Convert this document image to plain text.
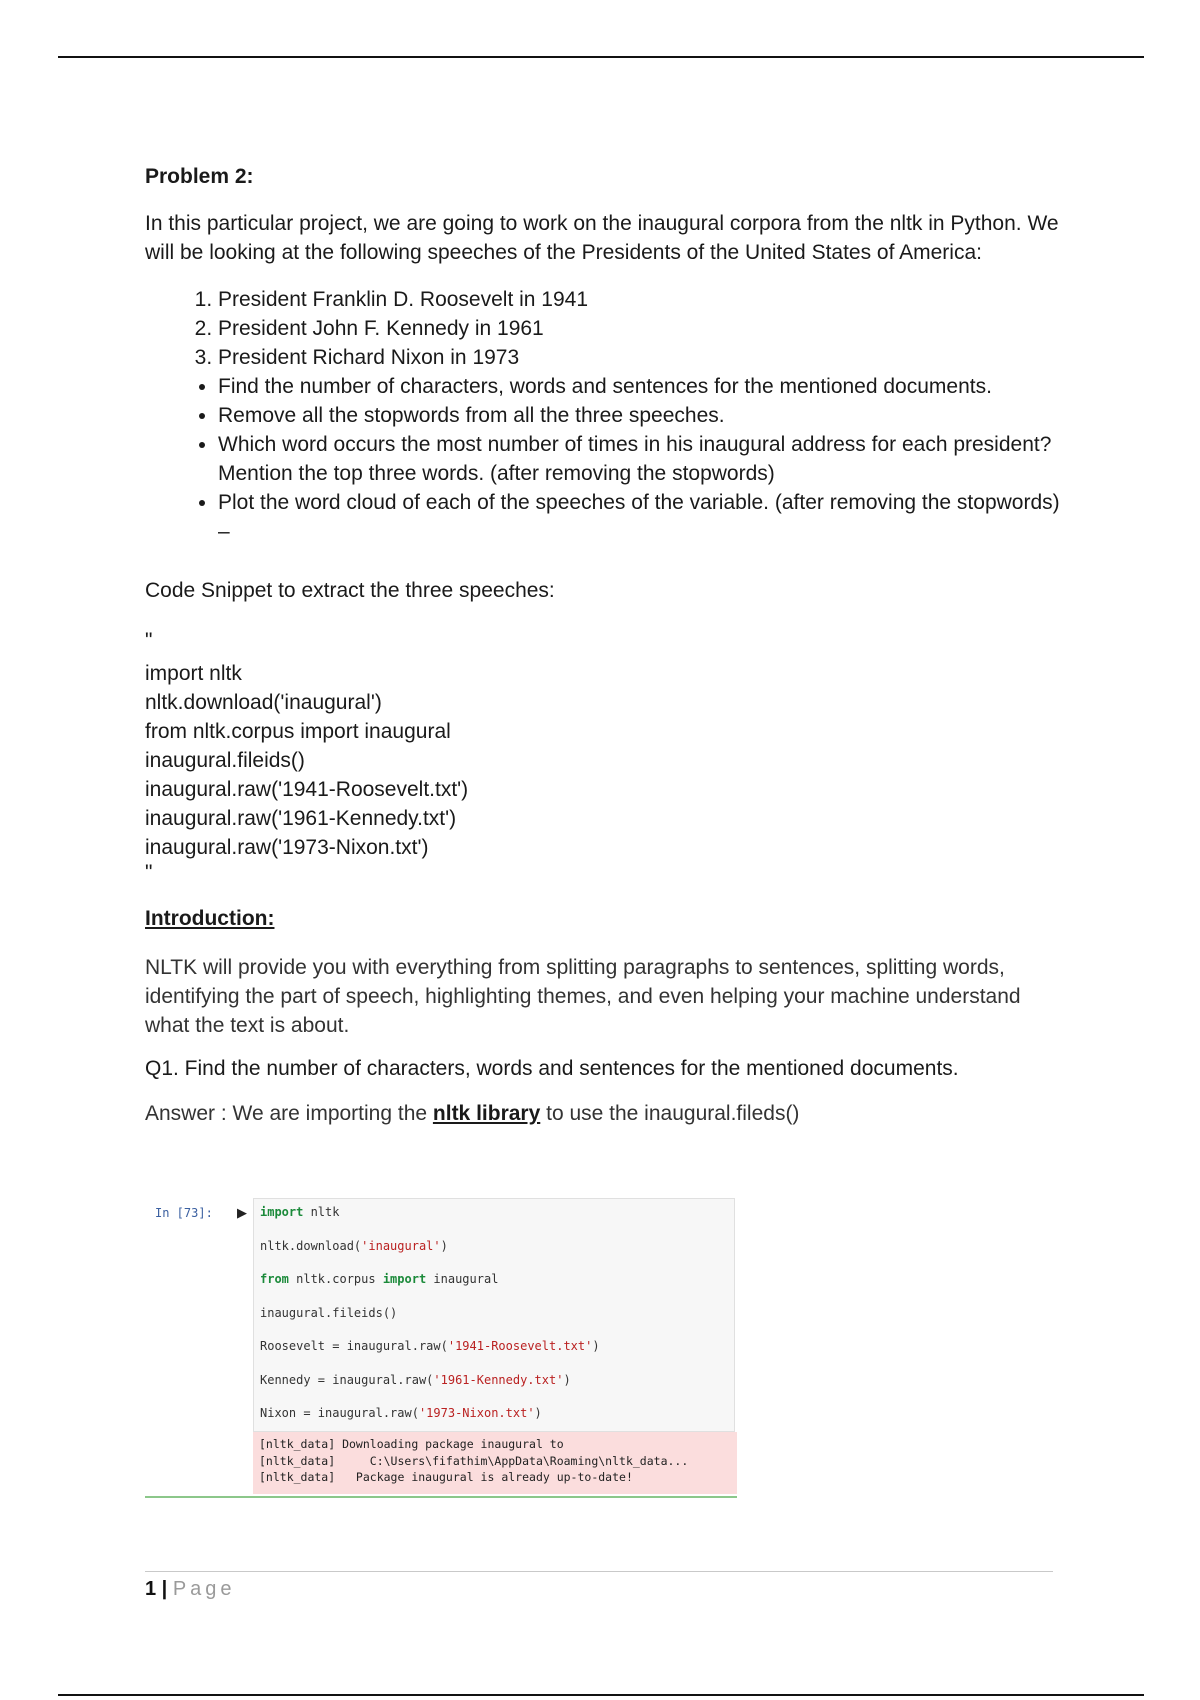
Problem 2:
In this particular project, we are going to work on the inaugural corpora from the nltk in Python. We will be looking at the following speeches of the Presidents of the United States of America:
1. President Franklin D. Roosevelt in 1941
2. President John F. Kennedy in 1961
3. President Richard Nixon in 1973
• Find the number of characters, words and sentences for the mentioned documents.
• Remove all the stopwords from all the three speeches.
• Which word occurs the most number of times in his inaugural address for each president? Mention the top three words. (after removing the stopwords)
• Plot the word cloud of each of the speeches of the variable. (after removing the stopwords) –
Code Snippet to extract the three speeches:
"
import nltk
nltk.download('inaugural')
from nltk.corpus import inaugural
inaugural.fileids()
inaugural.raw('1941-Roosevelt.txt')
inaugural.raw('1961-Kennedy.txt')
inaugural.raw('1973-Nixon.txt')
"
Introduction:
NLTK will provide you with everything from splitting paragraphs to sentences, splitting words, identifying the part of speech, highlighting themes, and even helping your machine understand what the text is about.
Q1. Find the number of characters, words and sentences for the mentioned documents.
Answer : We are importing the nltk library to use the inaugural.fileds()
In [73]: ▶ import nltk
nltk.download('inaugural')
from nltk.corpus import inaugural
inaugural.fileids()
Roosevelt = inaugural.raw('1941-Roosevelt.txt')
Kennedy = inaugural.raw('1961-Kennedy.txt')
Nixon = inaugural.raw('1973-Nixon.txt')
[nltk_data] Downloading package inaugural to
[nltk_data]     C:\Users\fifathim\AppData\Roaming\nltk_data...
[nltk_data]   Package inaugural is already up-to-date!
1 | Page
